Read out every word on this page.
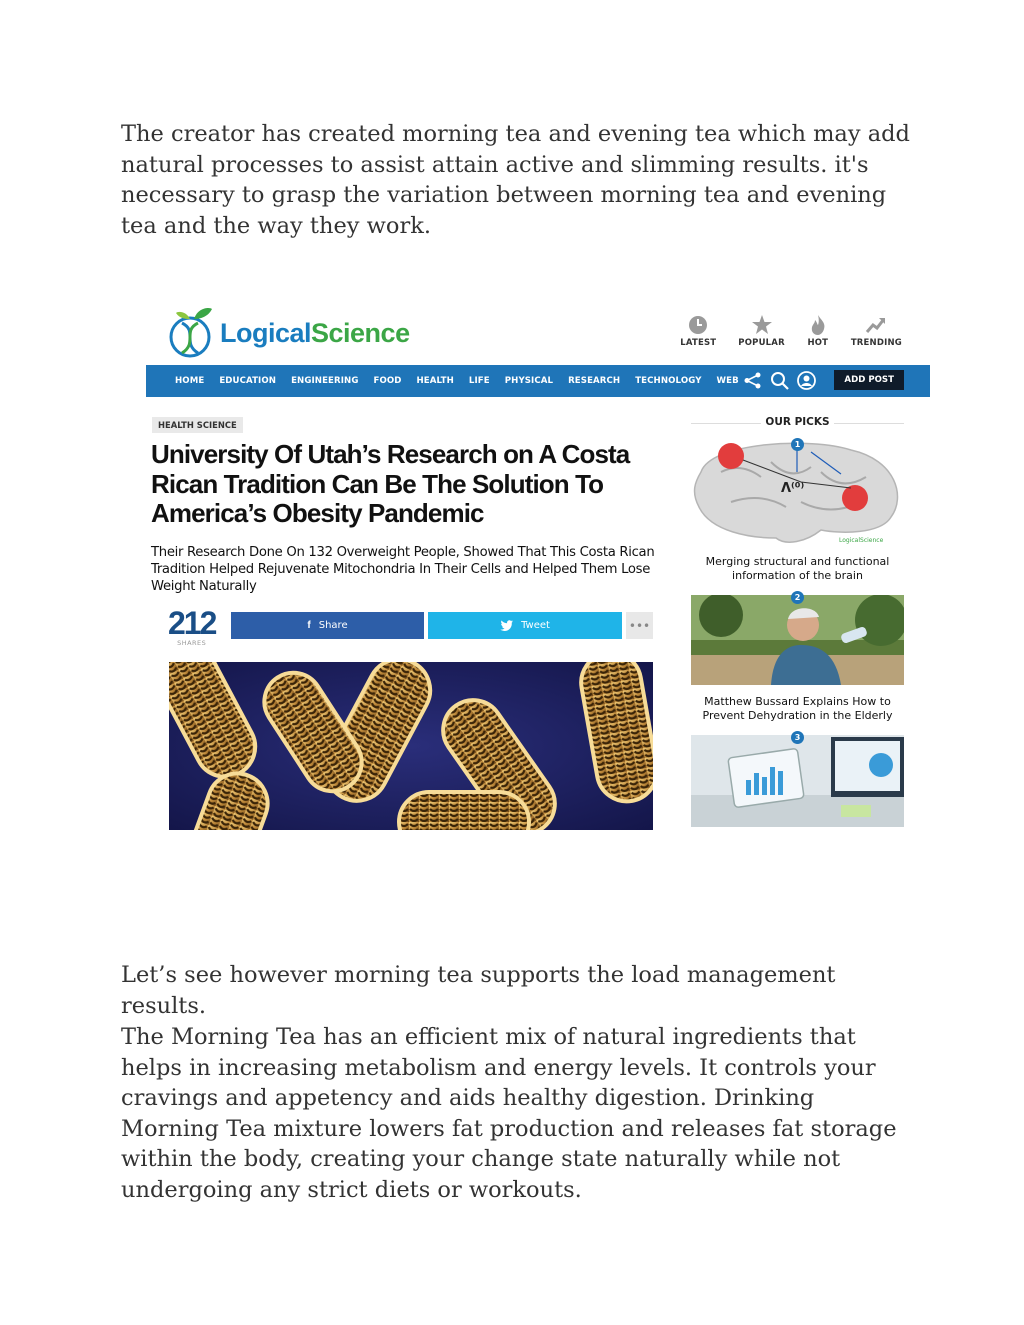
The creator has created morning tea and evening tea which may add natural processes to assist attain active and slimming results. it's necessary to grasp the variation between morning tea and evening tea and the way they work.

LogicalScience	LATEST	POPULAR	HOT	TRENDING
HOME EDUCATION ENGINEERING FOOD HEALTH LIFE PHYSICAL RESEARCH TECHNOLOGY WEB	ADD POST
HEALTH SCIENCE
University Of Utah’s Research on A Costa Rican Tradition Can Be The Solution To America’s Obesity Pandemic

Their Research Done On 132 Overweight People, Showed That This Costa Rican Tradition Helped Rejuvenate Mitochondria In Their Cells and Helped Them Lose Weight Naturally

212
SHARES
f Share	Tweet	•••
OUR PICKS
Λ⁽⁰⁾
LogicalScience
1
Merging structural and functional information of the brain
2
Matthew Bussard Explains How to Prevent Dehydration in the Elderly
3

Let’s see however morning tea supports the load management results.

The Morning Tea has an efficient mix of natural ingredients that helps in increasing metabolism and energy levels. It controls your cravings and appetency and aids healthy digestion. Drinking Morning Tea mixture lowers fat production and releases fat storage within the body, creating your change state naturally while not undergoing any strict diets or workouts.
